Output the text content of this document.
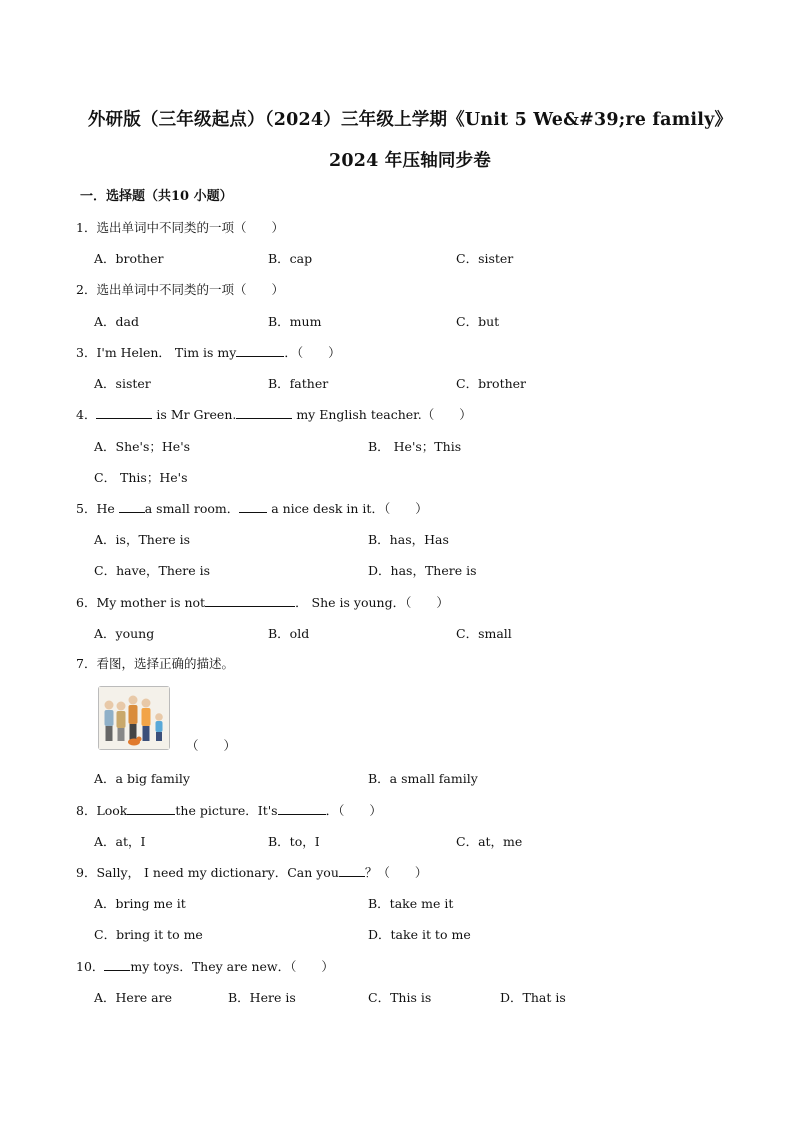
外研版（三年级起点）（2024）三年级上学期《Unit 5 We&#39;re family》
2024 年压轴同步卷
一．选择题（共10 小题）
1．选出单词中不同类的一项（　　）
A．brother	B．cap	C．sister
2．选出单词中不同类的一项（　　）
A．dad	B．mum	C．but
3．I'm Helen． Tim is my	．（　　）
A．sister	B．father	C．brother
4．	is Mr Green.	my English teacher.（　　）
A．She's；He's	B． He's；This
C． This；He's
5．He a small room． a nice desk in it．（　　）
A．is，There is	B．has，Has
C．have，There is	D．has，There is
6．My mother is not	． She is young．（　　）
A．young	B．old	C．small
7．看图，选择正确的描述。
（　　）
A．a big family	B．a small family
8．Look	the picture．It's	．（　　）
A．at，I	B．to，I	C．at，me
9．Sally， I need my dictionary．Can you ？（　　）
A．bring me it	B．take me it
C．bring it to me	D．take it to me
10． my toys．They are new．（　　）
A．Here are	B．Here is	C．This is	D．That is
